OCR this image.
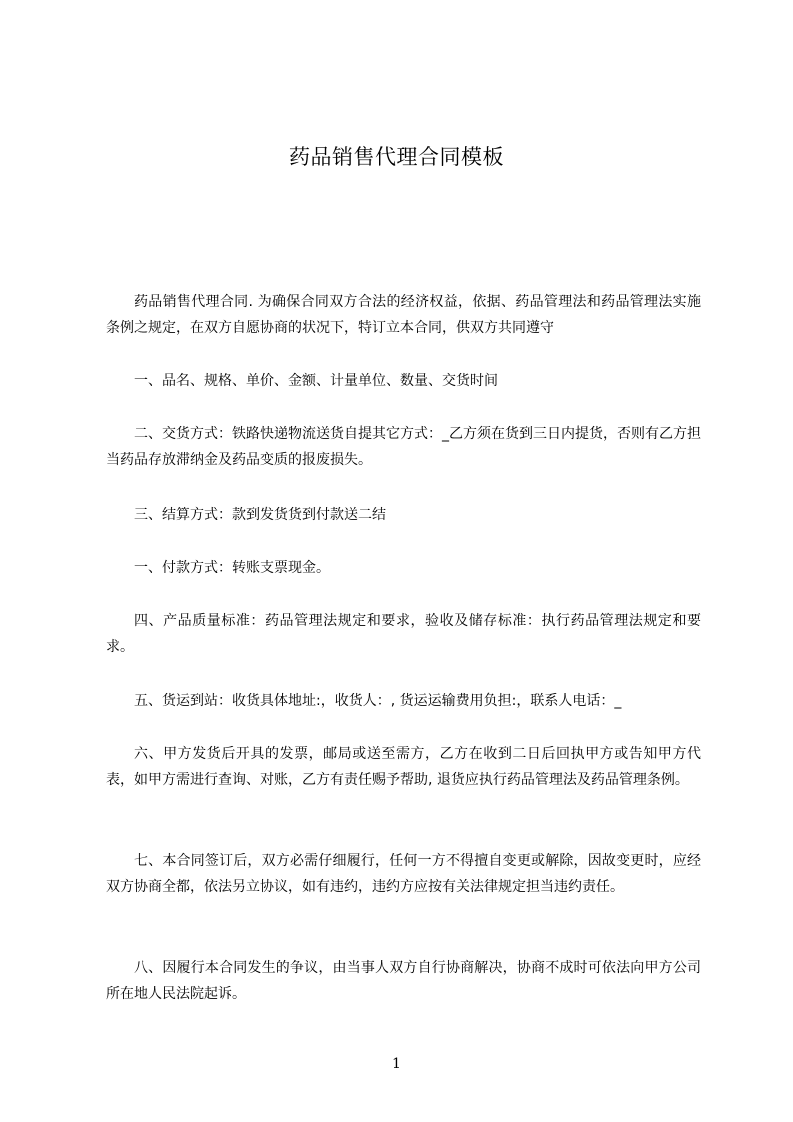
药品销售代理合同模板

药品销售代理合同. 为确保合同双方合法的经济权益，依据、药品管理法和药品管理法实施条例之规定，在双方自愿协商的状况下，特订立本合同，供双方共同遵守

一、品名、规格、单价、金额、计量单位、数量、交货时间

二、交货方式：铁路快递物流送货自提其它方式：_乙方须在货到三日内提货，否则有乙方担当药品存放滞纳金及药品变质的报废损失。

三、结算方式：款到发货货到付款送二结

一、付款方式：转账支票现金。

四、产品质量标准：药品管理法规定和要求，验收及储存标准：执行药品管理法规定和要求。

五、货运到站：收货具体地址:，收货人：, 货运运输费用负担:，联系人电话：_

六、甲方发货后开具的发票，邮局或送至需方，乙方在收到二日后回执甲方或告知甲方代表，如甲方需进行查询、对账，乙方有责任赐予帮助, 退货应执行药品管理法及药品管理条例。

七、本合同签订后，双方必需仔细履行，任何一方不得擅自变更或解除，因故变更时，应经双方协商全都，依法另立协议，如有违约，违约方应按有关法律规定担当违约责任。

八、因履行本合同发生的争议，由当事人双方自行协商解决，协商不成时可依法向甲方公司所在地人民法院起诉。

1
